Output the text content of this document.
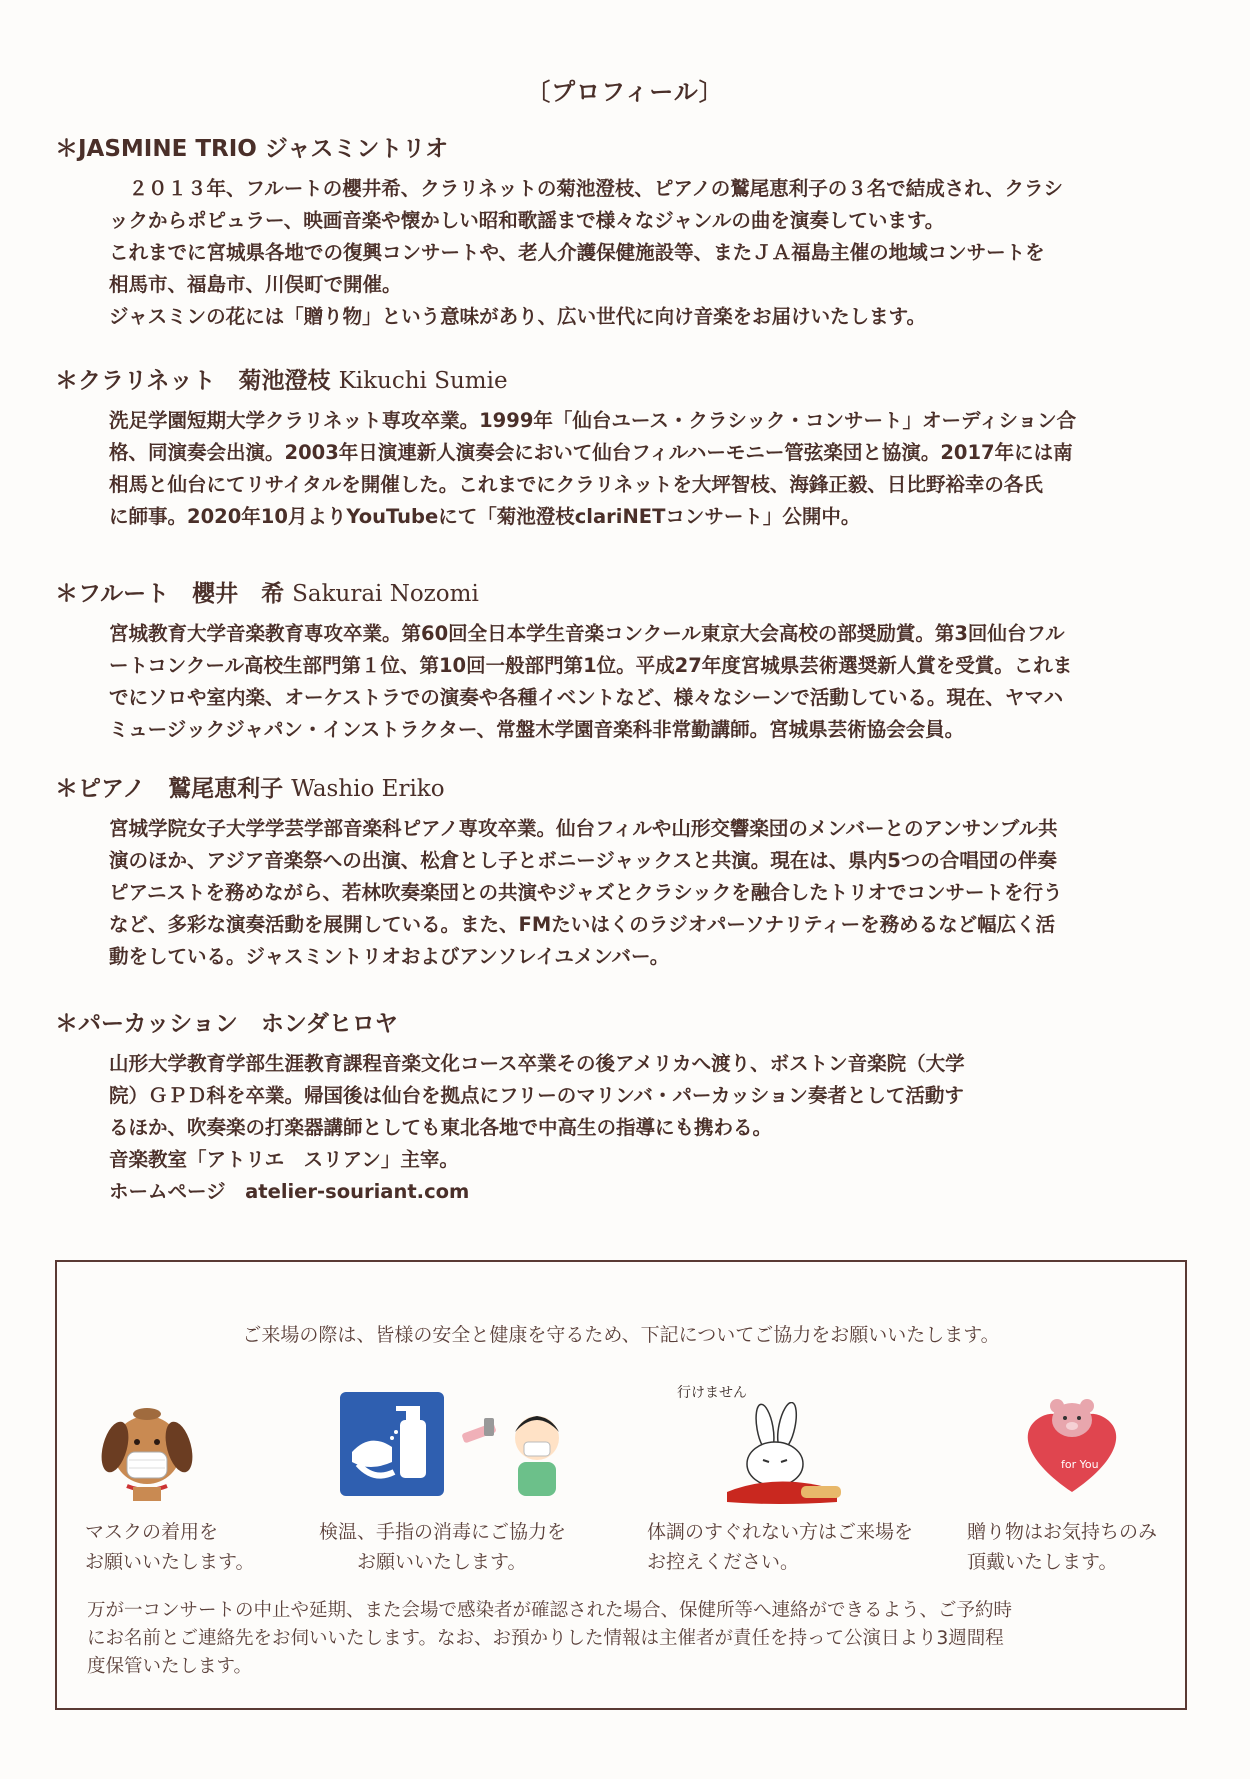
〔プロフィール〕
＊JASMINE TRIO ジャスミントリオ

２０１３年、フルートの櫻井希、クラリネットの菊池澄枝、ピアノの鷲尾恵利子の３名で結成され、クラシ

ックからポピュラー、映画音楽や懐かしい昭和歌謡まで様々なジャンルの曲を演奏しています。

これまでに宮城県各地での復興コンサートや、老人介護保健施設等、またＪＡ福島主催の地域コンサートを

相馬市、福島市、川俣町で開催。

ジャスミンの花には「贈り物」という意味があり、広い世代に向け音楽をお届けいたします。

＊クラリネット　菊池澄枝 Kikuchi Sumie

洗足学園短期大学クラリネット専攻卒業。1999年「仙台ユース・クラシック・コンサート」オーディション合

格、同演奏会出演。2003年日演連新人演奏会において仙台フィルハーモニー管弦楽団と協演。2017年には南

相馬と仙台にてリサイタルを開催した。これまでにクラリネットを大坪智枝、海鋒正毅、日比野裕幸の各氏

に師事。2020年10月よりYouTubeにて「菊池澄枝clariNETコンサート」公開中。

＊フルート　櫻井　希 Sakurai Nozomi

宮城教育大学音楽教育専攻卒業。第60回全日本学生音楽コンクール東京大会高校の部奨励賞。第3回仙台フル

ートコンクール高校生部門第１位、第10回一般部門第1位。平成27年度宮城県芸術選奨新人賞を受賞。これま

でにソロや室内楽、オーケストラでの演奏や各種イベントなど、様々なシーンで活動している。現在、ヤマハ

ミュージックジャパン・インストラクター、常盤木学園音楽科非常勤講師。宮城県芸術協会会員。

＊ピアノ　鷲尾恵利子 Washio Eriko

宮城学院女子大学学芸学部音楽科ピアノ専攻卒業。仙台フィルや山形交響楽団のメンバーとのアンサンブル共

演のほか、アジア音楽祭への出演、松倉とし子とボニージャックスと共演。現在は、県内5つの合唱団の伴奏

ピアニストを務めながら、若林吹奏楽団との共演やジャズとクラシックを融合したトリオでコンサートを行う

など、多彩な演奏活動を展開している。また、FMたいはくのラジオパーソナリティーを務めるなど幅広く活

動をしている。ジャスミントリオおよびアンソレイユメンバー。

＊パーカッション　ホンダヒロヤ

山形大学教育学部生涯教育課程音楽文化コース卒業その後アメリカへ渡り、ボストン音楽院（大学

院）ＧＰＤ科を卒業。帰国後は仙台を拠点にフリーのマリンバ・パーカッション奏者として活動す

るほか、吹奏楽の打楽器講師としても東北各地で中高生の指導にも携わる。

音楽教室「アトリエ　スリアン」主宰。

ホームページ　atelier-souriant.com

ご来場の際は、皆様の安全と健康を守るため、下記についてご協力をお願いいたします。
行けません
for You

マスクの着用を

お願いいたします。

検温、手指の消毒にご協力を

　　お願いいたします。

体調のすぐれない方はご来場を

お控えください。

贈り物はお気持ちのみ

頂戴いたします。

万が一コンサートの中止や延期、また会場で感染者が確認された場合、保健所等へ連絡ができるよう、ご予約時
にお名前とご連絡先をお伺いいたします。なお、お預かりした情報は主催者が責任を持って公演日より3週間程
度保管いたします。
